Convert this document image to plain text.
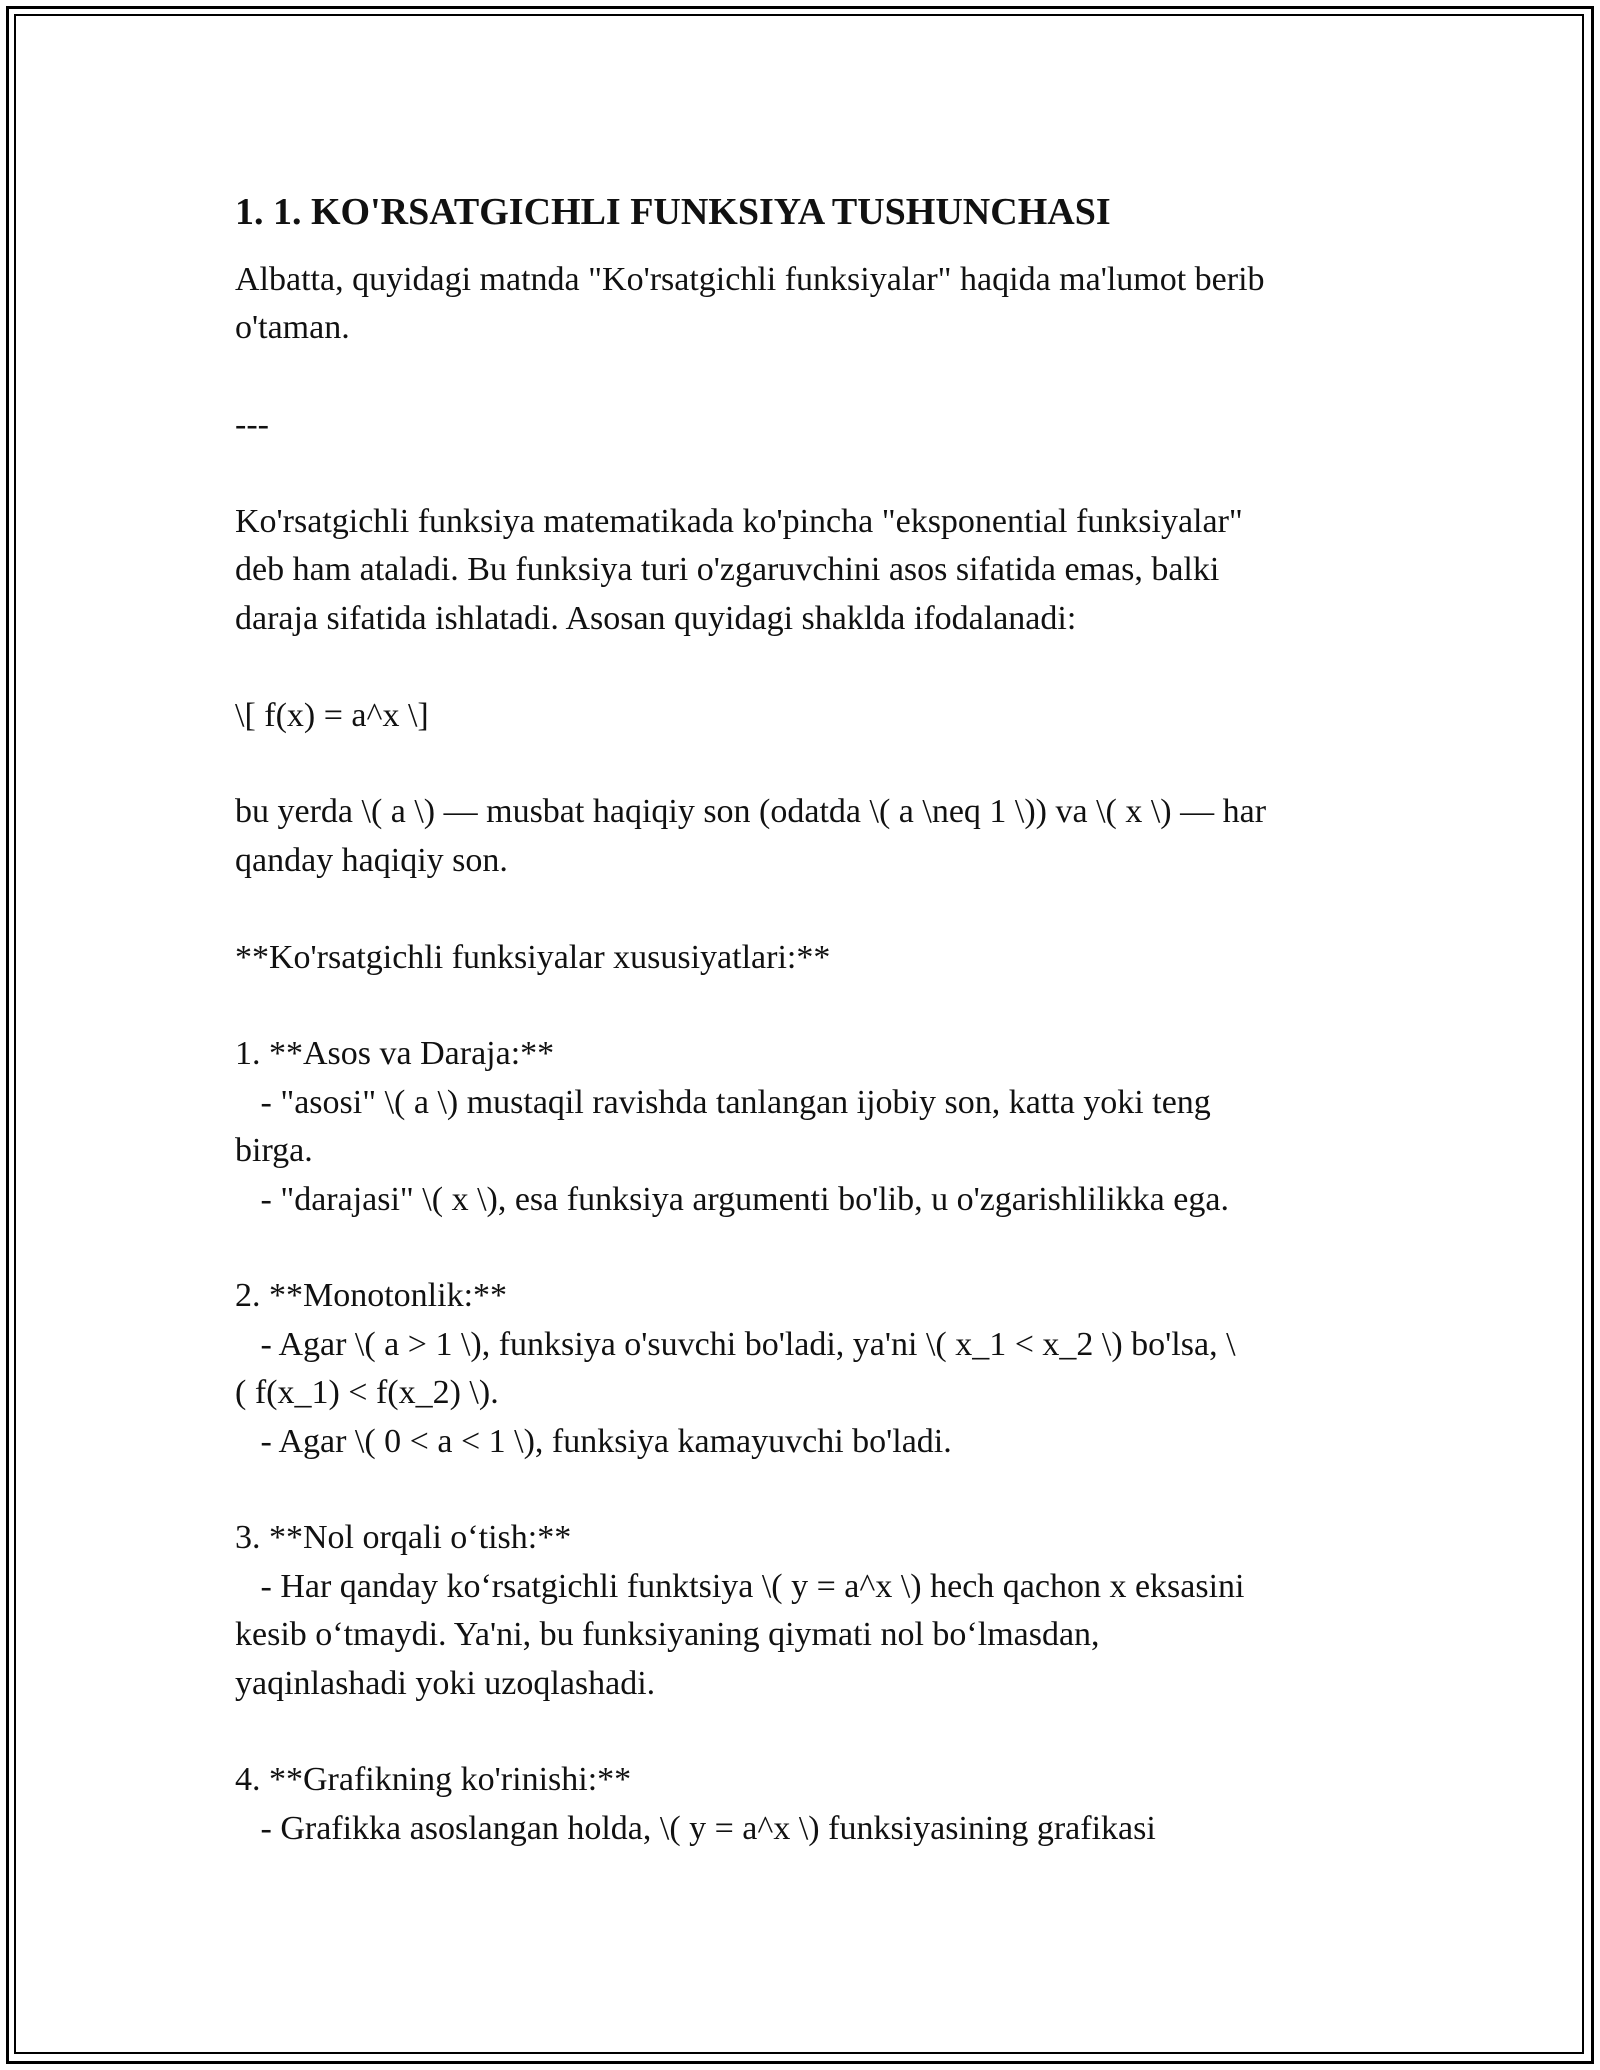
1. 1. KO'RSATGICHLI FUNKSIYA TUSHUNCHASI

Albatta, quyidagi matnda "Ko'rsatgichli funksiyalar" haqida ma'lumot berib

o'taman.

---

Ko'rsatgichli funksiya matematikada ko'pincha "eksponential funksiyalar"

deb ham ataladi. Bu funksiya turi o'zgaruvchini asos sifatida emas, balki

daraja sifatida ishlatadi. Asosan quyidagi shaklda ifodalanadi:

\[ f(x) = a^x \]

bu yerda \( a \) — musbat haqiqiy son (odatda \( a \neq 1 \)) va \( x \) — har

qanday haqiqiy son.

**Ko'rsatgichli funksiyalar xususiyatlari:**

1. **Asos va Daraja:**

- "asosi" \( a \) mustaqil ravishda tanlangan ijobiy son, katta yoki teng

birga.

- "darajasi" \( x \), esa funksiya argumenti bo'lib, u o'zgarishlilikka ega.

2. **Monotonlik:**

- Agar \( a > 1 \), funksiya o'suvchi bo'ladi, ya'ni \( x_1 < x_2 \) bo'lsa, \

( f(x_1) < f(x_2) \).

- Agar \( 0 < a < 1 \), funksiya kamayuvchi bo'ladi.

3. **Nol orqali o‘tish:**

- Har qanday ko‘rsatgichli funktsiya \( y = a^x \) hech qachon x eksasini

kesib o‘tmaydi. Ya'ni, bu funksiyaning qiymati nol bo‘lmasdan,

yaqinlashadi yoki uzoqlashadi.

4. **Grafikning ko'rinishi:**

- Grafikka asoslangan holda, \( y = a^x \) funksiyasining grafikasi
